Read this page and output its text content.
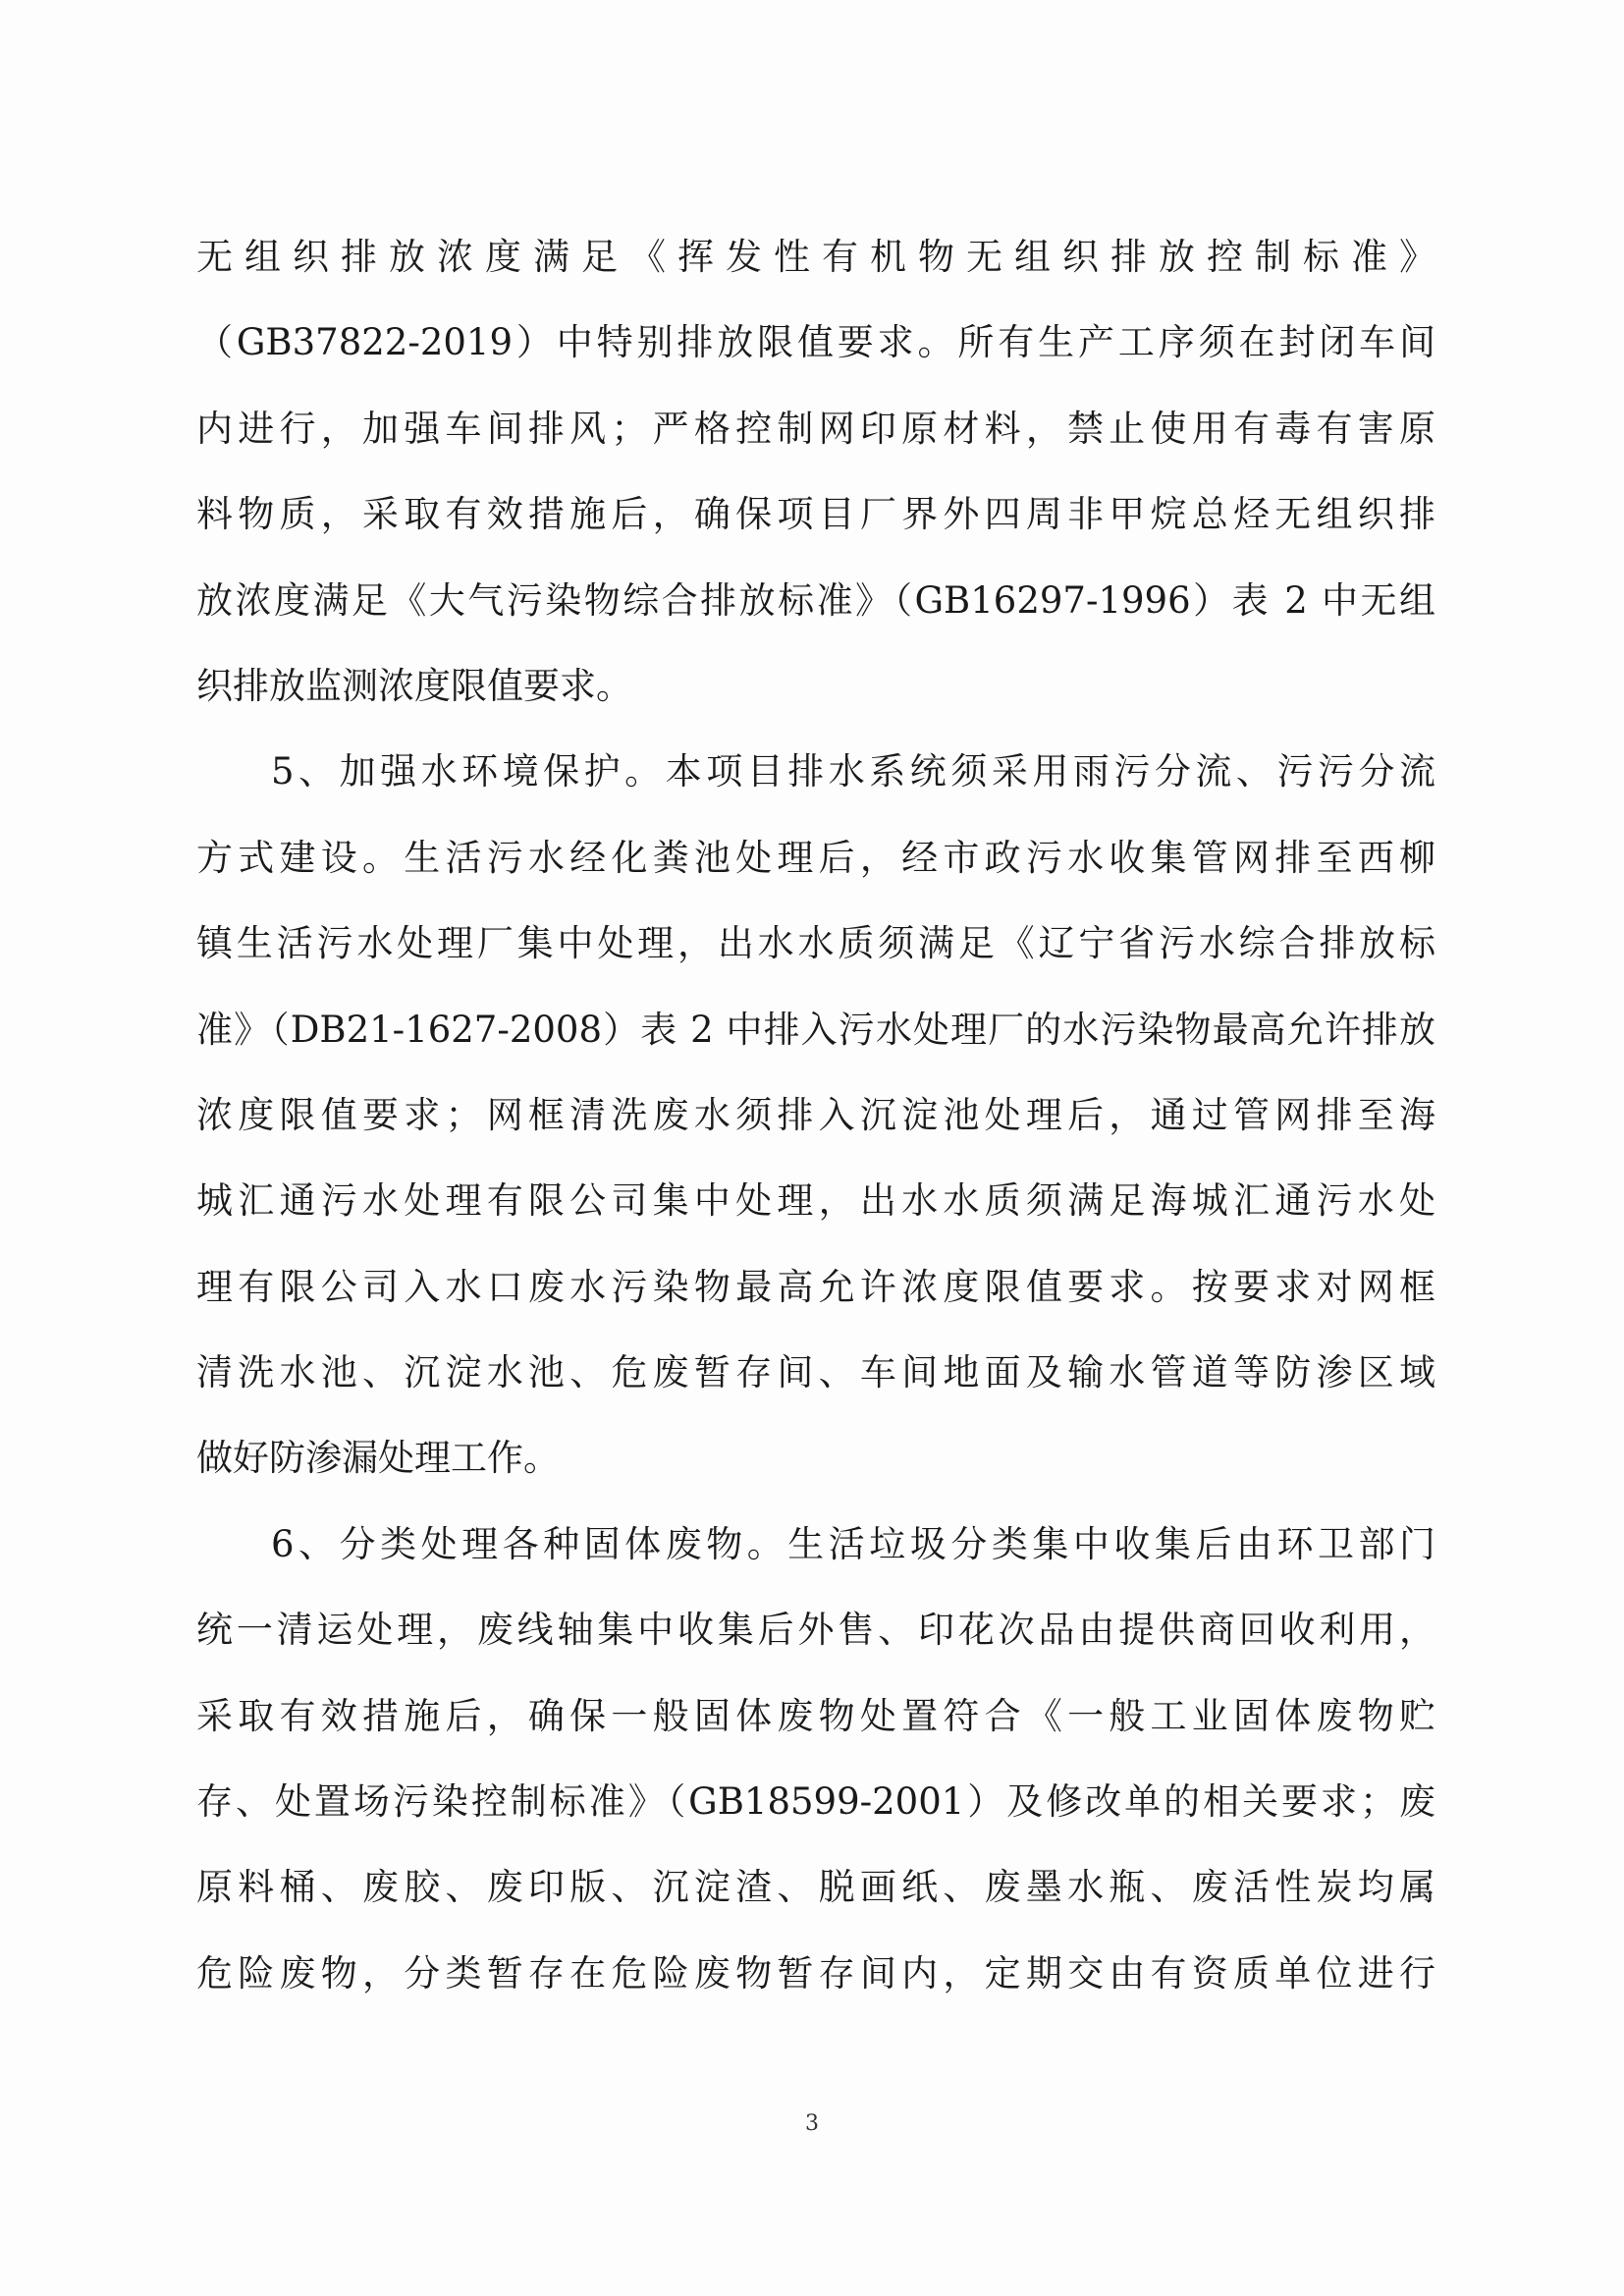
无组织排放浓度满足《挥发性有机物无组织排放控制标准》
（GB37822-2019）中特别排放限值要求。所有生产工序须在封闭车间
内进行，加强车间排风；严格控制网印原材料，禁止使用有毒有害原
料物质，采取有效措施后，确保项目厂界外四周非甲烷总烃无组织排
放浓度满足《大气污染物综合排放标准》（GB16297-1996）表 2 中无组
织排放监测浓度限值要求。
5、加强水环境保护。本项目排水系统须采用雨污分流、污污分流
方式建设。生活污水经化粪池处理后，经市政污水收集管网排至西柳
镇生活污水处理厂集中处理，出水水质须满足《辽宁省污水综合排放标
准》（DB21-1627-2008）表 2 中排入污水处理厂的水污染物最高允许排放
浓度限值要求；网框清洗废水须排入沉淀池处理后，通过管网排至海
城汇通污水处理有限公司集中处理，出水水质须满足海城汇通污水处
理有限公司入水口废水污染物最高允许浓度限值要求。按要求对网框
清洗水池、沉淀水池、危废暂存间、车间地面及输水管道等防渗区域
做好防渗漏处理工作。
6、分类处理各种固体废物。生活垃圾分类集中收集后由环卫部门
统一清运处理，废线轴集中收集后外售、印花次品由提供商回收利用，
采取有效措施后，确保一般固体废物处置符合《一般工业固体废物贮
存、处置场污染控制标准》（GB18599-2001）及修改单的相关要求；废
原料桶、废胶、废印版、沉淀渣、脱画纸、废墨水瓶、废活性炭均属
危险废物，分类暂存在危险废物暂存间内，定期交由有资质单位进行
3
